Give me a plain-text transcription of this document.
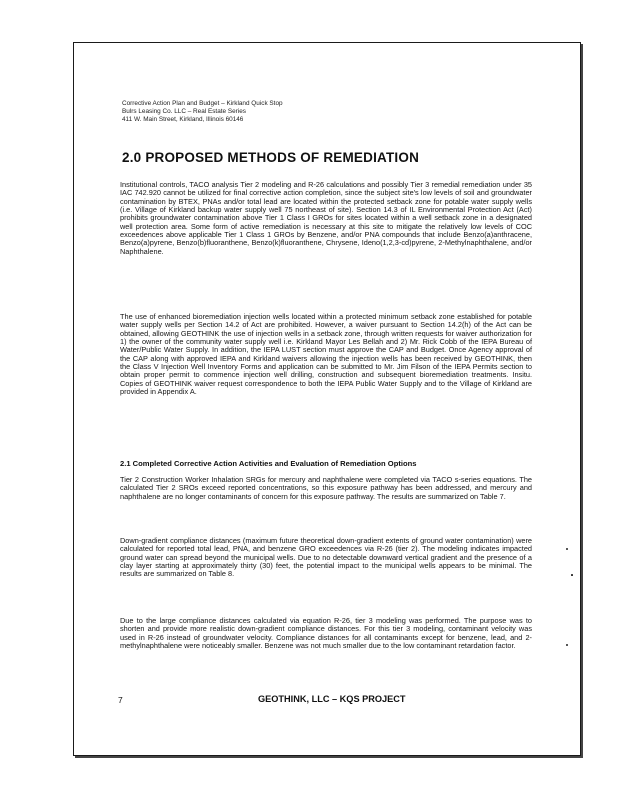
Corrective Action Plan and Budget – Kirkland Quick Stop
Bulrs Leasing Co. LLC – Real Estate Series
411 W. Main Street, Kirkland, Illinois 60146
2.0 PROPOSED METHODS OF REMEDIATION
Institutional controls, TACO analysis Tier 2 modeling and R-26 calculations and possibly Tier 3 remedial remediation under 35 IAC 742.920 cannot be utilized for final corrective action completion, since the subject site's low levels of soil and groundwater contamination by BTEX, PNAs and/or total lead are located within the protected setback zone for potable water supply wells (i.e. Village of Kirkland backup water supply well 75 northeast of site). Section 14.3 of IL Environmental Protection Act (Act) prohibits groundwater contamination above Tier 1 Class I GROs for sites located within a well setback zone in a designated well protection area. Some form of active remediation is necessary at this site to mitigate the relatively low levels of COC exceedences above applicable Tier 1 Class 1 GROs by Benzene, and/or PNA compounds that include Benzo(a)anthracene, Benzo(a)pyrene, Benzo(b)fluoranthene, Benzo(k)fluoranthene, Chrysene, Ideno(1,2,3-cd)pyrene, 2-Methylnaphthalene, and/or Naphthalene.
The use of enhanced bioremediation injection wells located within a protected minimum setback zone established for potable water supply wells per Section 14.2 of Act are prohibited. However, a waiver pursuant to Section 14.2(h) of the Act can be obtained, allowing GEOTHINK the use of injection wells in a setback zone, through written requests for waiver authorization for 1) the owner of the community water supply well i.e. Kirkland Mayor Les Bellah and 2) Mr. Rick Cobb of the IEPA Bureau of Water/Public Water Supply. In addition, the IEPA LUST section must approve the CAP and Budget. Once Agency approval of the CAP along with approved IEPA and Kirkland waivers allowing the injection wells has been received by GEOTHINK, then the Class V Injection Well Inventory Forms and application can be submitted to Mr. Jim Filson of the IEPA Permits section to obtain proper permit to commence injection well drilling, construction and subsequent bioremediation treatments. Insitu. Copies of GEOTHINK waiver request correspondence to both the IEPA Public Water Supply and to the Village of Kirkland are provided in Appendix A.
2.1 Completed Corrective Action Activities and Evaluation of Remediation Options
Tier 2 Construction Worker Inhalation SRGs for mercury and naphthalene were completed via TACO s-series equations. The calculated Tier 2 SROs exceed reported concentrations, so this exposure pathway has been addressed, and mercury and naphthalene are no longer contaminants of concern for this exposure pathway. The results are summarized on Table 7.
Down-gradient compliance distances (maximum future theoretical down-gradient extents of ground water contamination) were calculated for reported total lead, PNA, and benzene GRO exceedences via R-26 (tier 2). The modeling indicates impacted ground water can spread beyond the municipal wells. Due to no detectable downward vertical gradient and the presence of a clay layer starting at approximately thirty (30) feet, the potential impact to the municipal wells appears to be minimal. The results are summarized on Table 8.
Due to the large compliance distances calculated via equation R-26, tier 3 modeling was performed. The purpose was to shorten and provide more realistic down-gradient compliance distances. For this tier 3 modeling, contaminant velocity was used in R-26 instead of groundwater velocity. Compliance distances for all contaminants except for benzene, lead, and 2-methylnaphthalene were noticeably smaller. Benzene was not much smaller due to the low contaminant retardation factor.
7	GEOTHINK, LLC – KQS PROJECT
